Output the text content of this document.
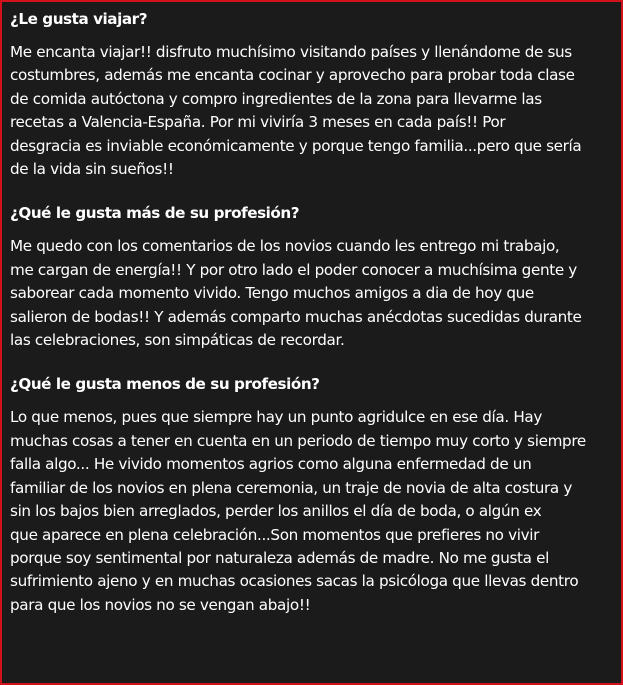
¿Le gusta viajar?
Me encanta viajar!! disfruto muchísimo visitando países y llenándome de sus
costumbres, además me encanta cocinar y aprovecho para probar toda clase
de comida autóctona y compro ingredientes de la zona para llevarme las
recetas a Valencia-España. Por mi viviría 3 meses en cada país!! Por
desgracia es inviable económicamente y porque tengo familia...pero que sería
de la vida sin sueños!!
¿Qué le gusta más de su profesión?
Me quedo con los comentarios de los novios cuando les entrego mi trabajo,
me cargan de energía!! Y por otro lado el poder conocer a muchísima gente y
saborear cada momento vivido. Tengo muchos amigos a dia de hoy que
salieron de bodas!! Y además comparto muchas anécdotas sucedidas durante
las celebraciones, son simpáticas de recordar.
¿Qué le gusta menos de su profesión?
Lo que menos, pues que siempre hay un punto agridulce en ese día. Hay
muchas cosas a tener en cuenta en un periodo de tiempo muy corto y siempre
falla algo... He vivido momentos agrios como alguna enfermedad de un
familiar de los novios en plena ceremonia, un traje de novia de alta costura y
sin los bajos bien arreglados, perder los anillos el día de boda, o algún ex
que aparece en plena celebración...Son momentos que prefieres no vivir
porque soy sentimental por naturaleza además de madre. No me gusta el
sufrimiento ajeno y en muchas ocasiones sacas la psicóloga que llevas dentro
para que los novios no se vengan abajo!!
